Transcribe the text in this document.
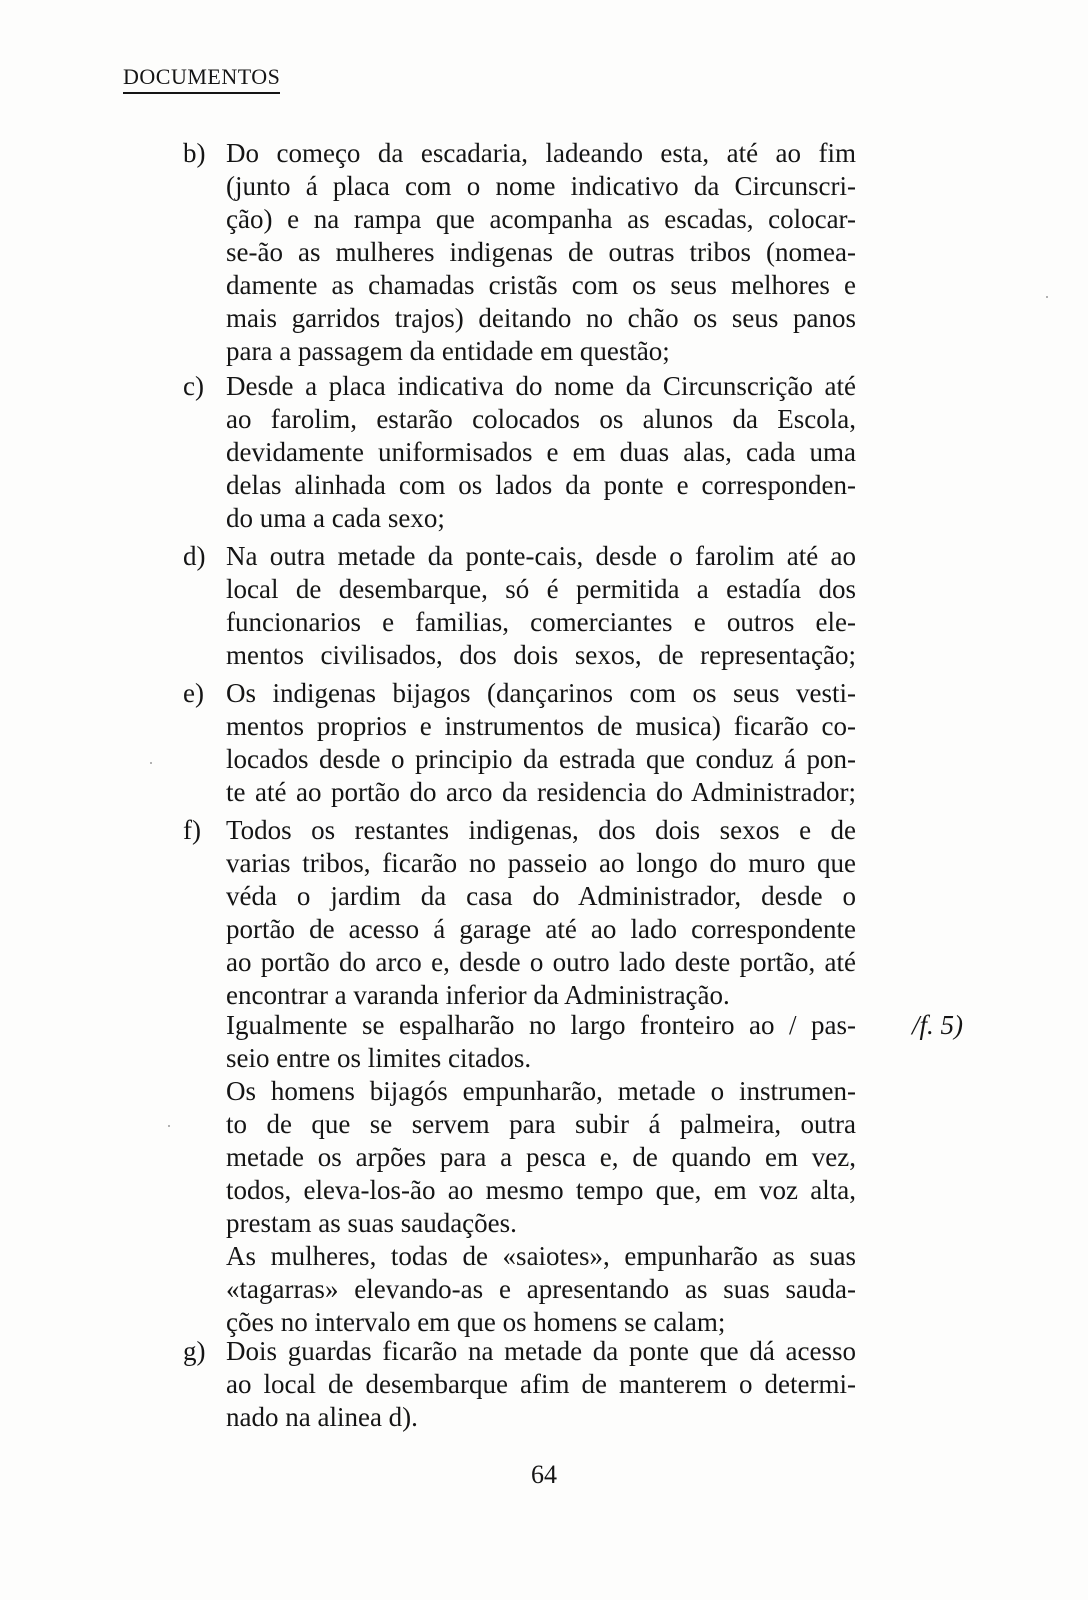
DOCUMENTOS
b) Do começo da escadaria, ladeando esta, até ao fim
(junto á placa com o nome indicativo da Circunscri-
ção) e na rampa que acompanha as escadas, colocar-
se-ão as mulheres indigenas de outras tribos (nomea-
damente as chamadas cristãs com os seus melhores e
mais garridos trajos) deitando no chão os seus panos
para a passagem da entidade em questão;
c) Desde a placa indicativa do nome da Circunscrição até
ao farolim, estarão colocados os alunos da Escola,
devidamente uniformisados e em duas alas, cada uma
delas alinhada com os lados da ponte e corresponden-
do uma a cada sexo;
d) Na outra metade da ponte-cais, desde o farolim até ao
local de desembarque, só é permitida a estadía dos
funcionarios e familias, comerciantes e outros ele-
mentos civilisados, dos dois sexos, de representação;
e) Os indigenas bijagos (dançarinos com os seus vesti-
mentos proprios e instrumentos de musica) ficarão co-
locados desde o principio da estrada que conduz á pon-
te até ao portão do arco da residencia do Administrador;
f) Todos os restantes indigenas, dos dois sexos e de
varias tribos, ficarão no passeio ao longo do muro que
véda o jardim da casa do Administrador, desde o
portão de acesso á garage até ao lado correspondente
ao portão do arco e, desde o outro lado deste portão, até
encontrar a varanda inferior da Administração.
Igualmente se espalharão no largo fronteiro ao / pas-
seio entre os limites citados.
Os homens bijagós empunharão, metade o instrumen-
to de que se servem para subir á palmeira, outra
metade os arpões para a pesca e, de quando em vez,
todos, eleva-los-ão ao mesmo tempo que, em voz alta,
prestam as suas saudações.
As mulheres, todas de «saiotes», empunharão as suas
«tagarras» elevando-as e apresentando as suas sauda-
ções no intervalo em que os homens se calam;
g) Dois guardas ficarão na metade da ponte que dá acesso
ao local de desembarque afim de manterem o determi-
nado na alinea d).
/f. 5)
64
